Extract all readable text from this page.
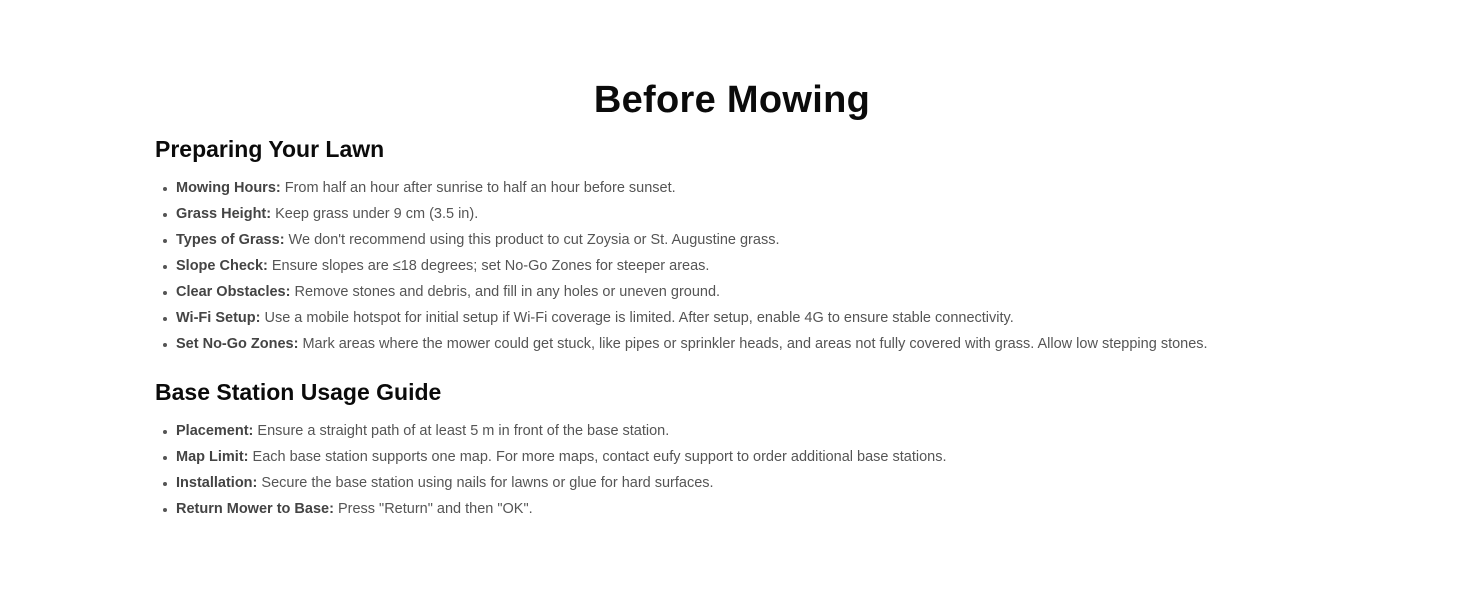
Before Mowing
Preparing Your Lawn
Mowing Hours: From half an hour after sunrise to half an hour before sunset.
Grass Height: Keep grass under 9 cm (3.5 in).
Types of Grass: We don't recommend using this product to cut Zoysia or St. Augustine grass.
Slope Check: Ensure slopes are ≤18 degrees; set No-Go Zones for steeper areas.
Clear Obstacles: Remove stones and debris, and fill in any holes or uneven ground.
Wi-Fi Setup: Use a mobile hotspot for initial setup if Wi-Fi coverage is limited. After setup, enable 4G to ensure stable connectivity.
Set No-Go Zones: Mark areas where the mower could get stuck, like pipes or sprinkler heads, and areas not fully covered with grass. Allow low stepping stones.
Base Station Usage Guide
Placement: Ensure a straight path of at least 5 m in front of the base station.
Map Limit: Each base station supports one map. For more maps, contact eufy support to order additional base stations.
Installation: Secure the base station using nails for lawns or glue for hard surfaces.
Return Mower to Base: Press "Return" and then "OK".
